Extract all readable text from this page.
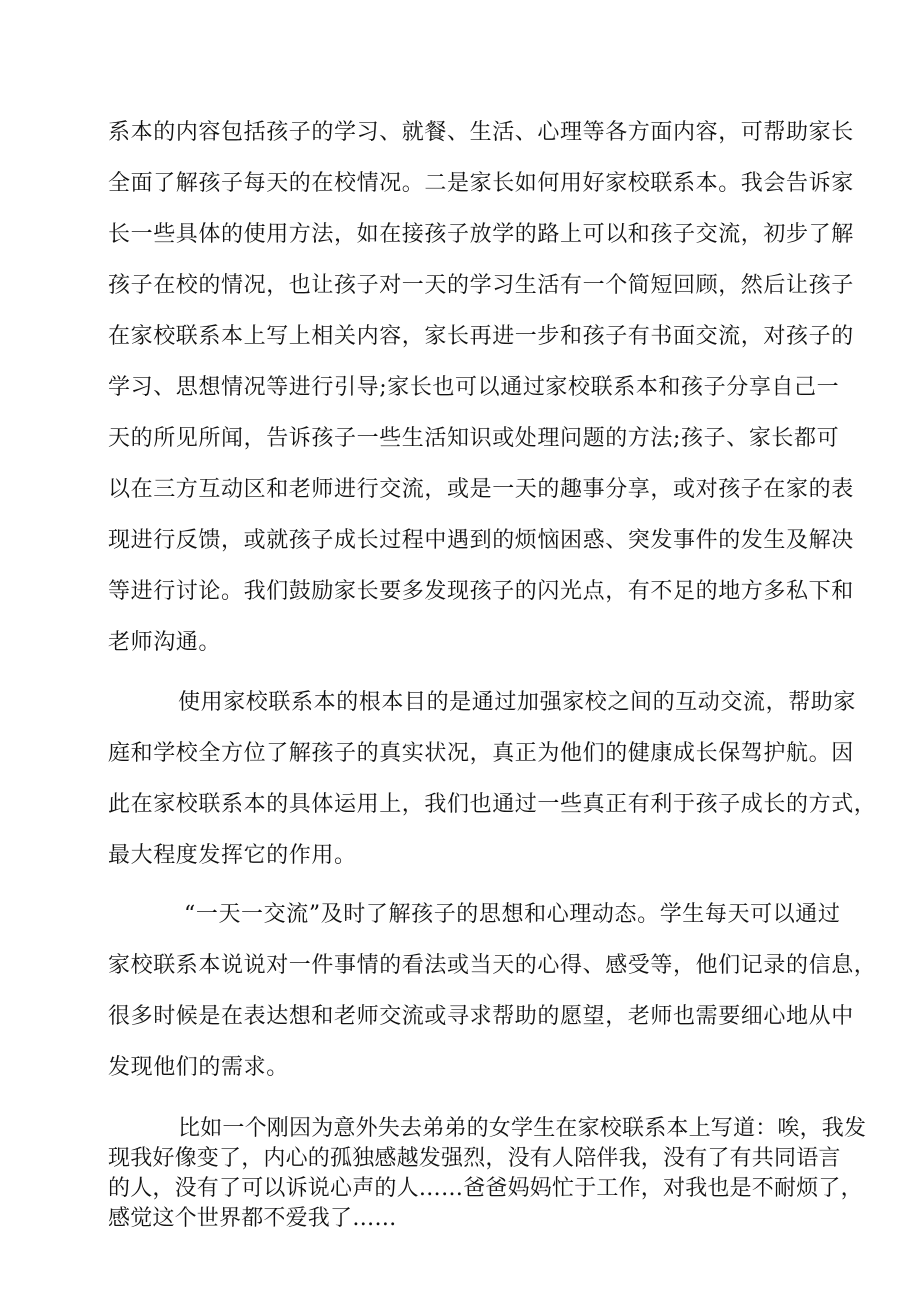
系本的内容包括孩子的学习、就餐、生活、心理等各方面内容，可帮助家长
全面了解孩子每天的在校情况。二是家长如何用好家校联系本。我会告诉家
长一些具体的使用方法，如在接孩子放学的路上可以和孩子交流，初步了解
孩子在校的情况，也让孩子对一天的学习生活有一个简短回顾，然后让孩子
在家校联系本上写上相关内容，家长再进一步和孩子有书面交流，对孩子的
学习、思想情况等进行引导;家长也可以通过家校联系本和孩子分享自己一
天的所见所闻，告诉孩子一些生活知识或处理问题的方法;孩子、家长都可
以在三方互动区和老师进行交流，或是一天的趣事分享，或对孩子在家的表
现进行反馈，或就孩子成长过程中遇到的烦恼困惑、突发事件的发生及解决
等进行讨论。我们鼓励家长要多发现孩子的闪光点，有不足的地方多私下和
老师沟通。
使用家校联系本的根本目的是通过加强家校之间的互动交流，帮助家
庭和学校全方位了解孩子的真实状况，真正为他们的健康成长保驾护航。因
此在家校联系本的具体运用上，我们也通过一些真正有利于孩子成长的方式，
最大程度发挥它的作用。
“一天一交流”及时了解孩子的思想和心理动态。学生每天可以通过
家校联系本说说对一件事情的看法或当天的心得、感受等，他们记录的信息，
很多时候是在表达想和老师交流或寻求帮助的愿望，老师也需要细心地从中
发现他们的需求。
比如一个刚因为意外失去弟弟的女学生在家校联系本上写道：唉，我发
现我好像变了，内心的孤独感越发强烈，没有人陪伴我，没有了有共同语言
的人，没有了可以诉说心声的人……爸爸妈妈忙于工作，对我也是不耐烦了，
感觉这个世界都不爱我了……
